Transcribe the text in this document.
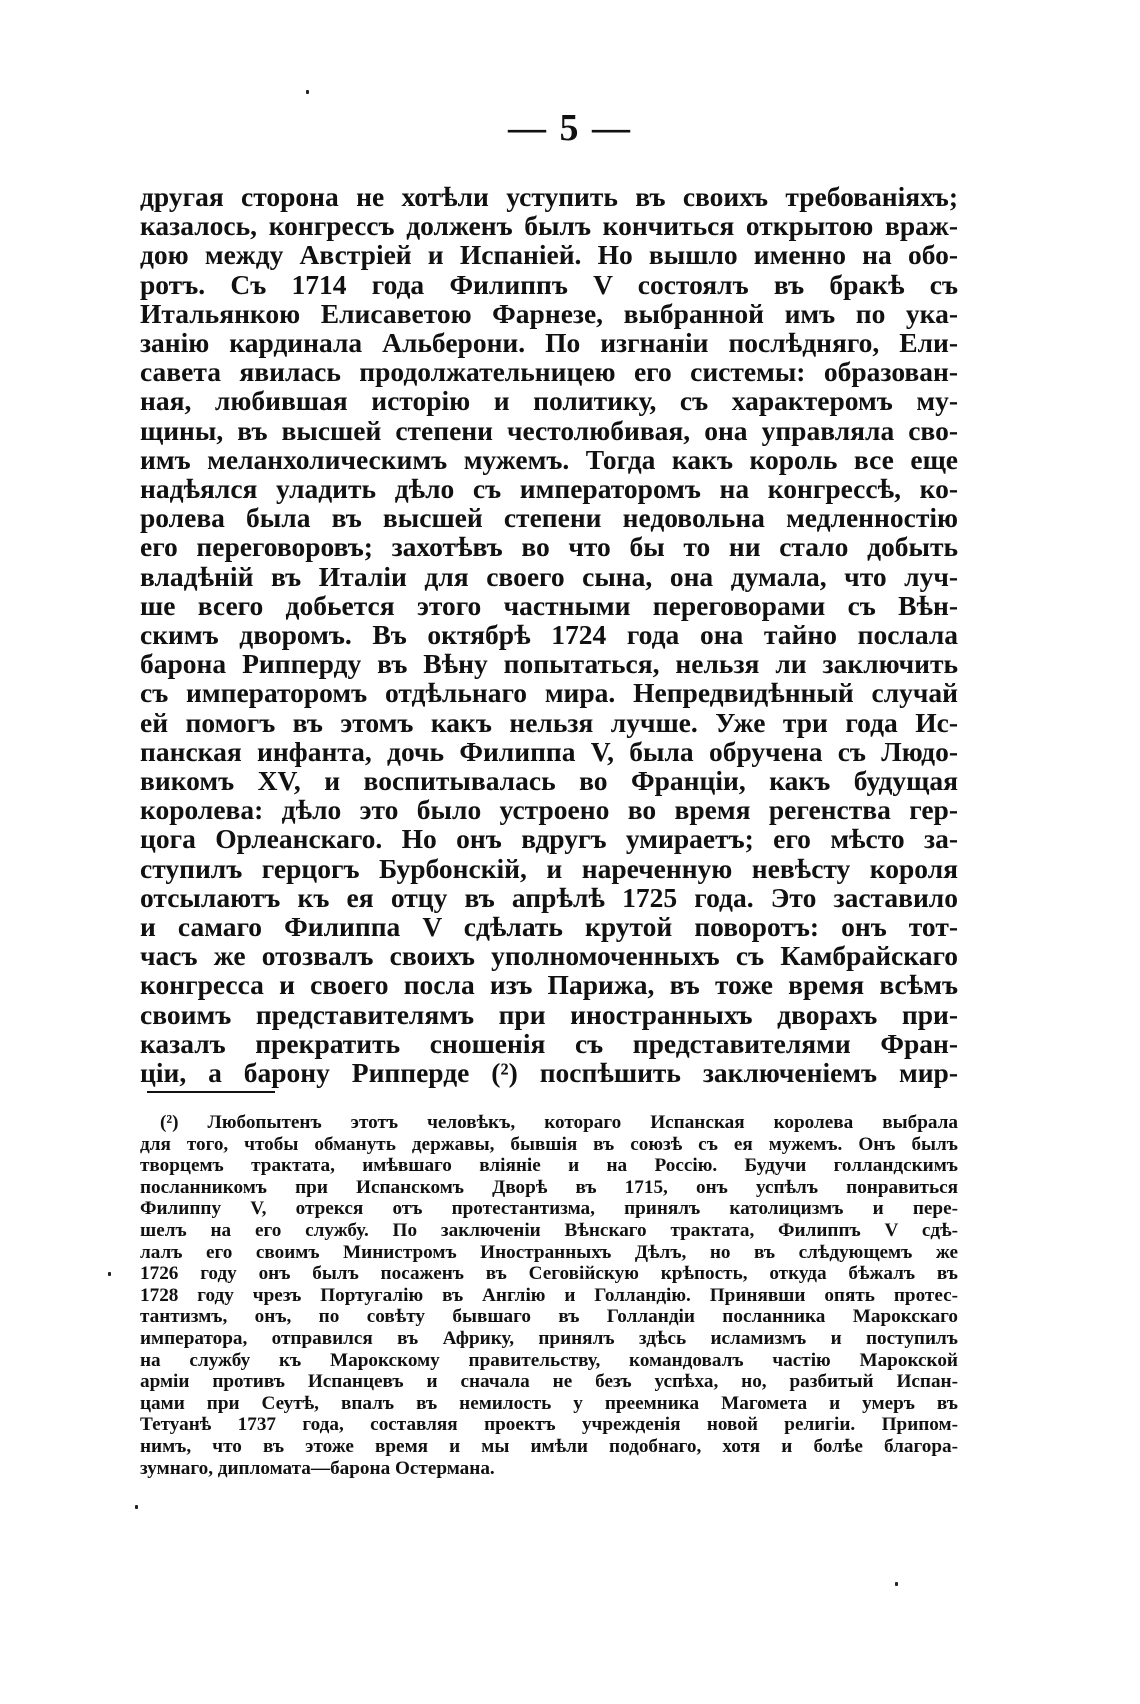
— 5 —
другая сторона не хотѣли уступить въ своихъ требованіяхъ;
казалось, конгрессъ долженъ былъ кончиться открытою враж-
дою между Австріей и Испаніей. Но вышло именно на обо-
ротъ. Съ 1714 года Филиппъ V состоялъ въ бракѣ съ
Итальянкою Елисаветою Фарнезе, выбранной имъ по ука-
занію кардинала Альберони. По изгнаніи послѣдняго, Ели-
савета явилась продолжательницею его системы: образован-
ная, любившая исторію и политику, съ характеромъ му-
щины, въ высшей степени честолюбивая, она управляла сво-
имъ меланхолическимъ мужемъ. Тогда какъ король все еще
надѣялся уладить дѣло съ императоромъ на конгрессѣ, ко-
ролева была въ высшей степени недовольна медленностію
его переговоровъ; захотѣвъ во что бы то ни стало добыть
владѣній въ Италіи для своего сына, она думала, что луч-
ше всего добьется этого частными переговорами съ Вѣн-
скимъ дворомъ. Въ октябрѣ 1724 года она тайно послала
барона Рипперду въ Вѣну попытаться, нельзя ли заключить
съ императоромъ отдѣльнаго мира. Непредвидѣнный случай
ей помогъ въ этомъ какъ нельзя лучше. Уже три года Ис-
панская инфанта, дочь Филиппа V, была обручена съ Людо-
викомъ XV, и воспитывалась во Франціи, какъ будущая
королева: дѣло это было устроено во время регенства гер-
цога Орлеанскаго. Но онъ вдругъ умираетъ; его мѣсто за-
ступилъ герцогъ Бурбонскій, и нареченную невѣсту короля
отсылаютъ къ ея отцу въ апрѣлѣ 1725 года. Это заставило
и самаго Филиппа V сдѣлать крутой поворотъ: онъ тот-
часъ же отозвалъ своихъ уполномоченныхъ съ Камбрайскаго
конгресса и своего посла изъ Парижа, въ тоже время всѣмъ
своимъ представителямъ при иностранныхъ дворахъ при-
казалъ прекратить сношенія съ представителями Фран-
ціи, а барону Рипперде (²) поспѣшить заключеніемъ мир-
(²) Любопытенъ этотъ человѣкъ, котораго Испанская королева выбрала
для того, чтобы обмануть державы, бывшія въ союзѣ съ ея мужемъ. Онъ былъ
творцемъ трактата, имѣвшаго вліяніе и на Россію. Будучи голландскимъ
посланникомъ при Испанскомъ Дворѣ въ 1715, онъ успѣлъ понравиться
Филиппу V, отрекся отъ протестантизма, принялъ католицизмъ и пере-
шелъ на его службу. По заключеніи Вѣнскаго трактата, Филиппъ V сдѣ-
лалъ его своимъ Министромъ Иностранныхъ Дѣлъ, но въ слѣдующемъ же
1726 году онъ былъ посаженъ въ Сеговійскую крѣпость, откуда бѣжалъ въ
1728 году чрезъ Португалію въ Англію и Голландію. Принявши опять протес-
тантизмъ, онъ, по совѣту бывшаго въ Голландіи посланника Марокскаго
императора, отправился въ Африку, принялъ здѣсь исламизмъ и поступилъ
на службу къ Марокскому правительству, командовалъ частію Марокской
арміи противъ Испанцевъ и сначала не безъ успѣха, но, разбитый Испан-
цами при Сеутѣ, впалъ въ немилость у преемника Магомета и умеръ въ
Тетуанѣ 1737 года, составляя проектъ учрежденія новой религіи. Припом-
нимъ, что въ этоже время и мы имѣли подобнаго, хотя и болѣе благора-
зумнаго, дипломата—барона Остермана.
